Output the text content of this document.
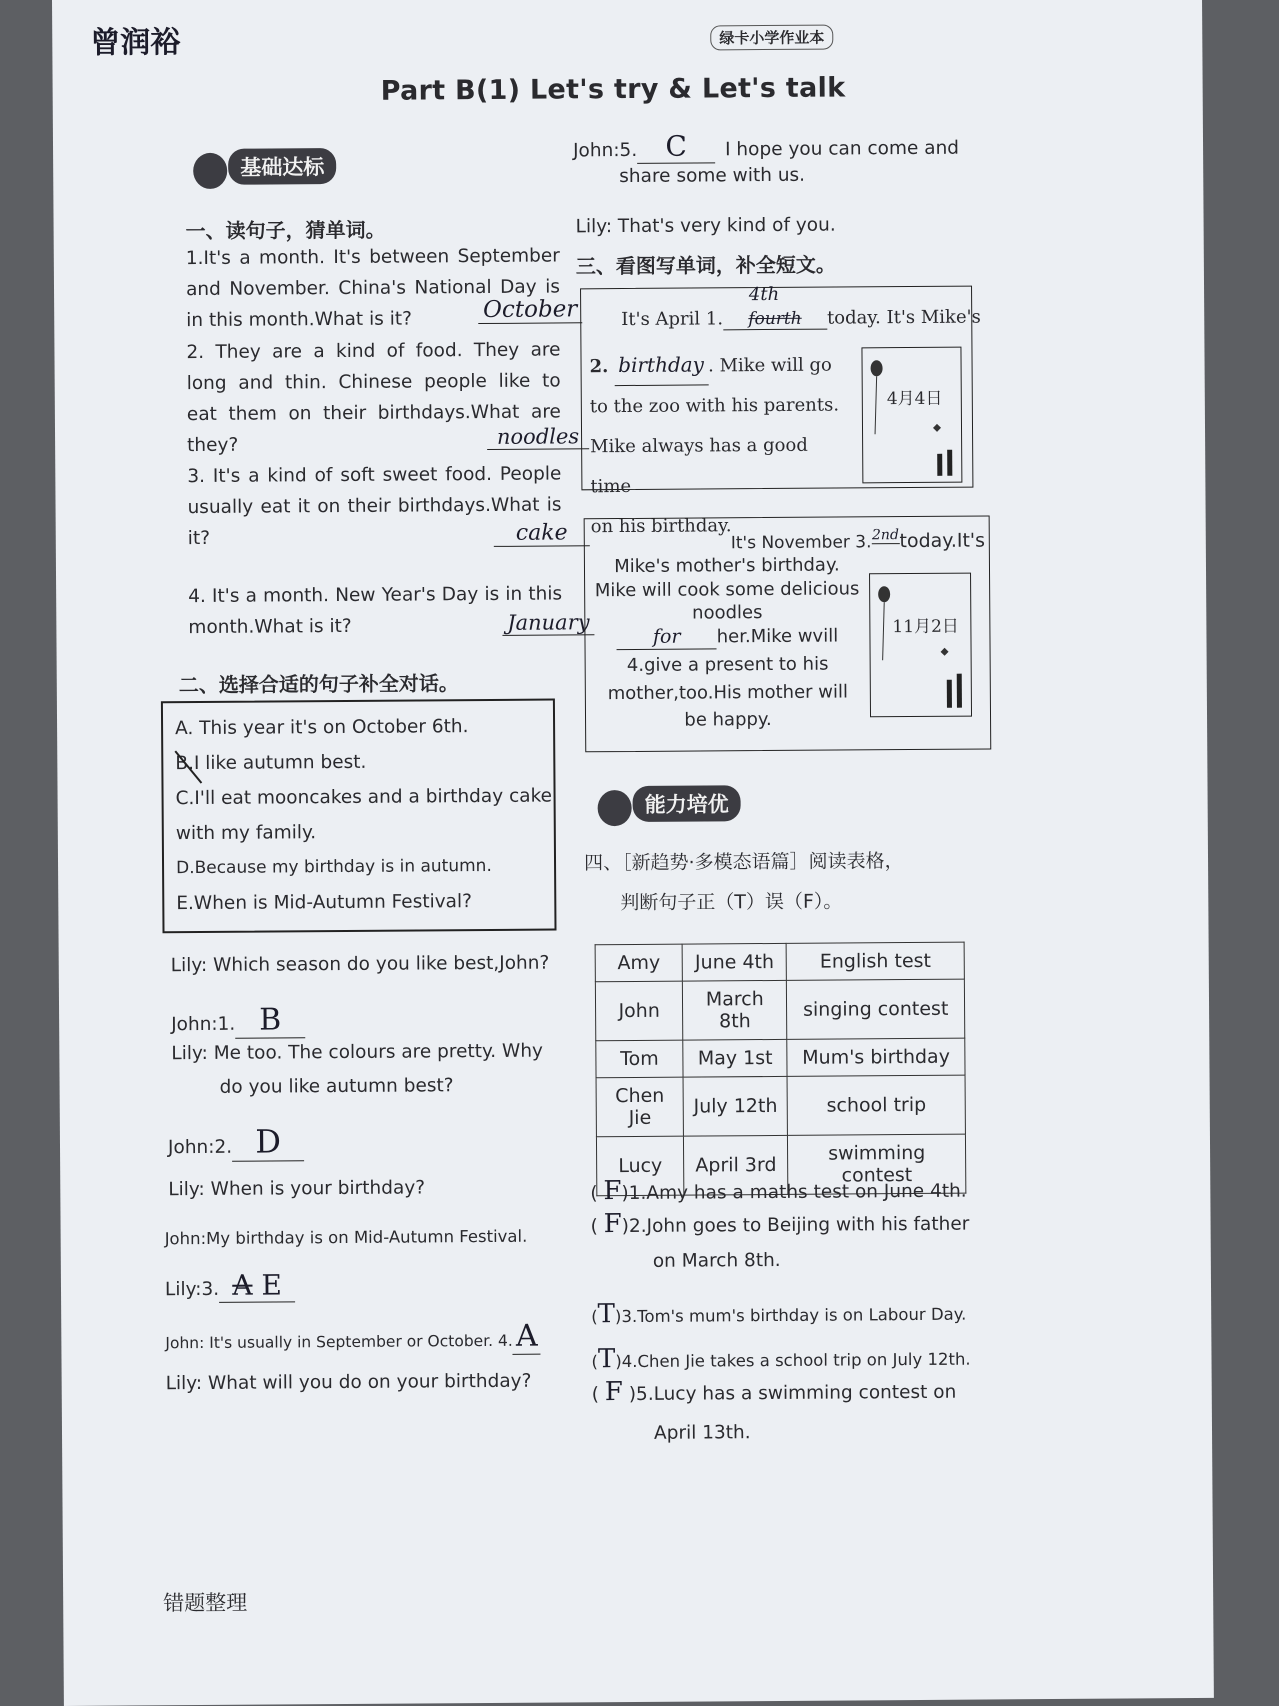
曾润裕	绿卡小学作业本
Part B(1) Let's try & Let's talk
基础达标
一、读句子，猜单词。
1.It's a month. It's between September and November. China's National Day is in this month.What is it?	October
2. They are a kind of food. They are long and thin. Chinese people like to eat them on their birthdays.What are they?	noodles
3. It's a kind of soft sweet food. People usually eat it on their birthdays.What is it?	cake
4. It's a month. New Year's Day is in this month.What is it?	January
二、选择合适的句子补全对话。
A. This year it's on October 6th.
B.I like autumn best.
C.I'll eat mooncakes and a birthday cake
with my family.
D.Because my birthday is in autumn.
E.When is Mid-Autumn Festival?
Lily: Which season do you like best,John?
John:1. B
Lily: Me too. The colours are pretty. Why
do you like autumn best?
John:2. D
Lily: When is your birthday?
John:My birthday is on Mid-Autumn Festival.
Lily:3. A E
John: It's usually in September or October. 4.A
Lily: What will you do on your birthday?
John:5. C I hope you can come and
share some with us.
Lily: That's very kind of you.
三、看图写单词，补全短文。
It's April 1. fourth
4th
today. It's Mike's
2. birthday . Mike will go
to the zoo with his parents.
Mike always has a good time
on his birthday.
4月4日
It's November 3.2ndtoday.It's
Mike's mother's birthday.
Mike will cook some delicious
noodles
for her.Mike wvill
4.give a present to his
mother,too.His mother will
be happy.
11月2日
能力培优
四、［新趋势·多模态语篇］阅读表格，
判断句子正（T）误（F）。
Amy	June 4th	English test
John	March 8th	singing contest
Tom	May 1st	Mum's birthday
Chen Jie	July 12th	school trip
Lucy	April 3rd	swimming contest
( F)1.Amy has a maths test on June 4th.
( F)2.John goes to Beijing with his father
on March 8th.
(T)3.Tom's mum's birthday is on Labour Day.
(T)4.Chen Jie takes a school trip on July 12th.
( F )5.Lucy has a swimming contest on
April 13th.
错题整理
